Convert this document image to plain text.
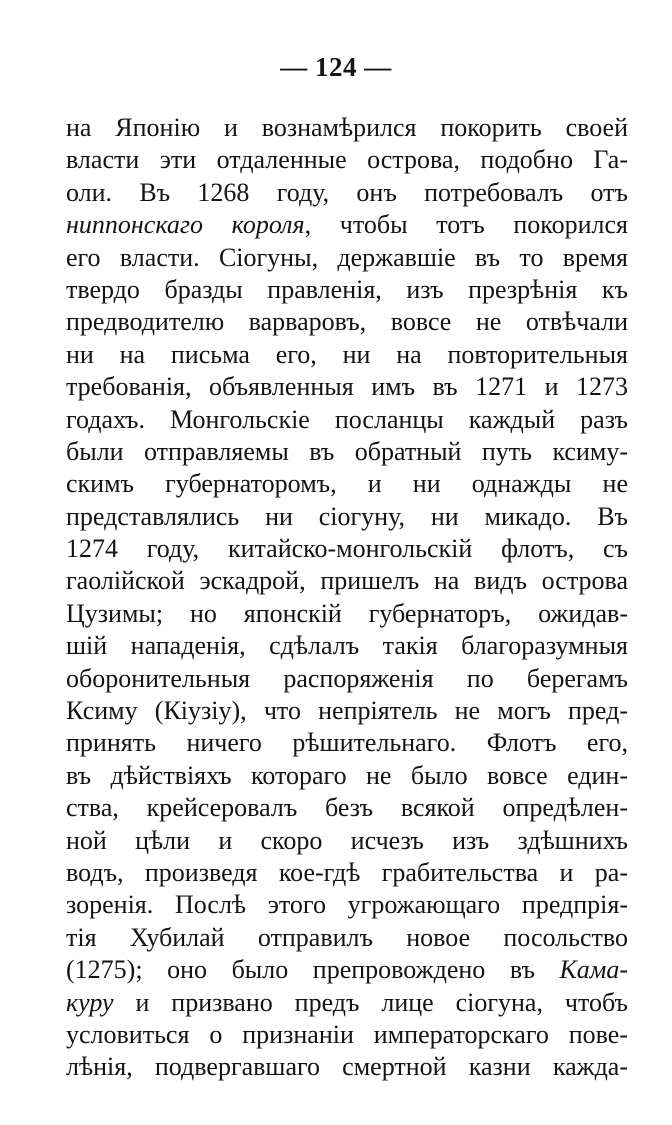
— 124 —
на Японію и вознамѣрился покорить своей
власти эти отдаленные острова, подобно Га-
оли. Въ 1268 году, онъ потребовалъ отъ
ниппонскаго короля, чтобы тотъ покорился
его власти. Сіогуны, державшіе въ то время
твердо бразды правленія, изъ презрѣнія къ
предводителю варваровъ, вовсе не отвѣчали
ни на письма его, ни на повторительныя
требованія, объявленныя имъ въ 1271 и 1273
годахъ. Монгольскіе посланцы каждый разъ
были отправляемы въ обратный путь ксиму-
скимъ губернаторомъ, и ни однажды не
представлялись ни сіогуну, ни микадо. Въ
1274 году, китайско-монгольскій флотъ, съ
гаолійской эскадрой, пришелъ на видъ острова
Цузимы; но японскій губернаторъ, ожидав-
шій нападенія, сдѣлалъ такія благоразумныя
оборонительныя распоряженія по берегамъ
Ксиму (Кіузіу), что непріятель не могъ пред-
принять ничего рѣшительнаго. Флотъ его,
въ дѣйствіяхъ котораго не было вовсе един-
ства, крейсеровалъ безъ всякой опредѣлен-
ной цѣли и скоро исчезъ изъ здѣшнихъ
водъ, произведя кое-гдѣ грабительства и ра-
зоренія. Послѣ этого угрожающаго предпрія-
тія Хубилай отправилъ новое посольство
(1275); оно было препровождено въ Кама-
куру и призвано предъ лице сіогуна, чтобъ
условиться о признаніи императорскаго пове-
лѣнія, подвергавшаго смертной казни кажда-
